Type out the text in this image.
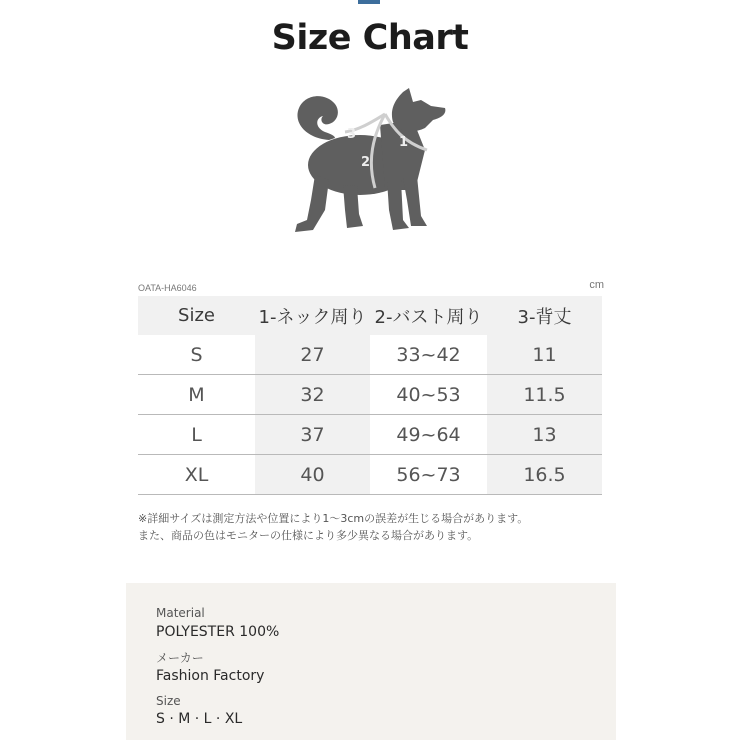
Size Chart
1
2
3
OATA-HA6046	cm
Size	1-ネック周り	2-バスト周り	3-背丈
S	27	33~42	11
M	32	40~53	11.5
L	37	49~64	13
XL	40	56~73	16.5
※詳細サイズは測定方法や位置により1～3cmの誤差が生じる場合があります。
また、商品の色はモニターの仕様により多少異なる場合があります。
Material
POLYESTER 100%
メーカー
Fashion Factory
Size
S · M · L · XL
